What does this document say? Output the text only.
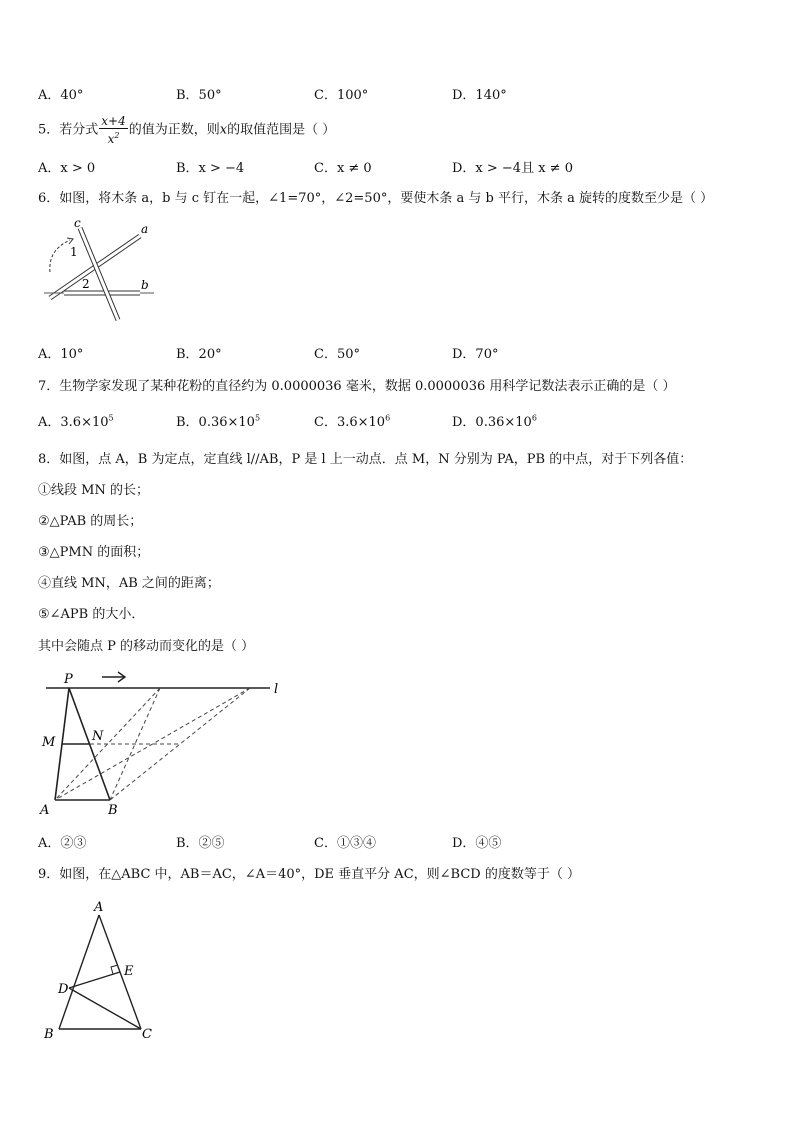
A．40°	B．50°	C．100°	D．140°
5．若分式 $\frac{x+4}{x^2}$ 的值为正数，则x的取值范围是（ ）
A．x > 0	B．x > −4	C．x ≠ 0	D．x > −4且 x ≠ 0
6．如图，将木条 a，b 与 c 钉在一起，∠1=70°，∠2=50°，要使木条 a 与 b 平行，木条 a 旋转的度数至少是（ ）
c	a
b
1
2
A．10°	B．20°	C．50°	D．70°
7．生物学家发现了某种花粉的直径约为 0.0000036 毫米，数据 0.0000036 用科学记数法表示正确的是（ ）
A．$3.6\times 10^5$	B．$0.36\times 10^5$	C．$3.6\times 10^6$	D．$0.36\times 10^6$
8．如图，点 A，B 为定点，定直线 l//AB，P 是 l 上一动点．点 M，N 分别为 PA，PB 的中点，对于下列各值：
①线段 MN 的长；
②△PAB 的周长；
③△PMN 的面积；
④直线 MN，AB 之间的距离；
⑤∠APB 的大小．
其中会随点 P 的移动而变化的是（ ）
P
l
M	N
A	B
A．②③	B．②⑤	C．①③④	D．④⑤
9．如图，在△ABC 中，AB＝AC，∠A＝40°，DE 垂直平分 AC，则∠BCD 的度数等于（ ）
A
B	C
D
E
